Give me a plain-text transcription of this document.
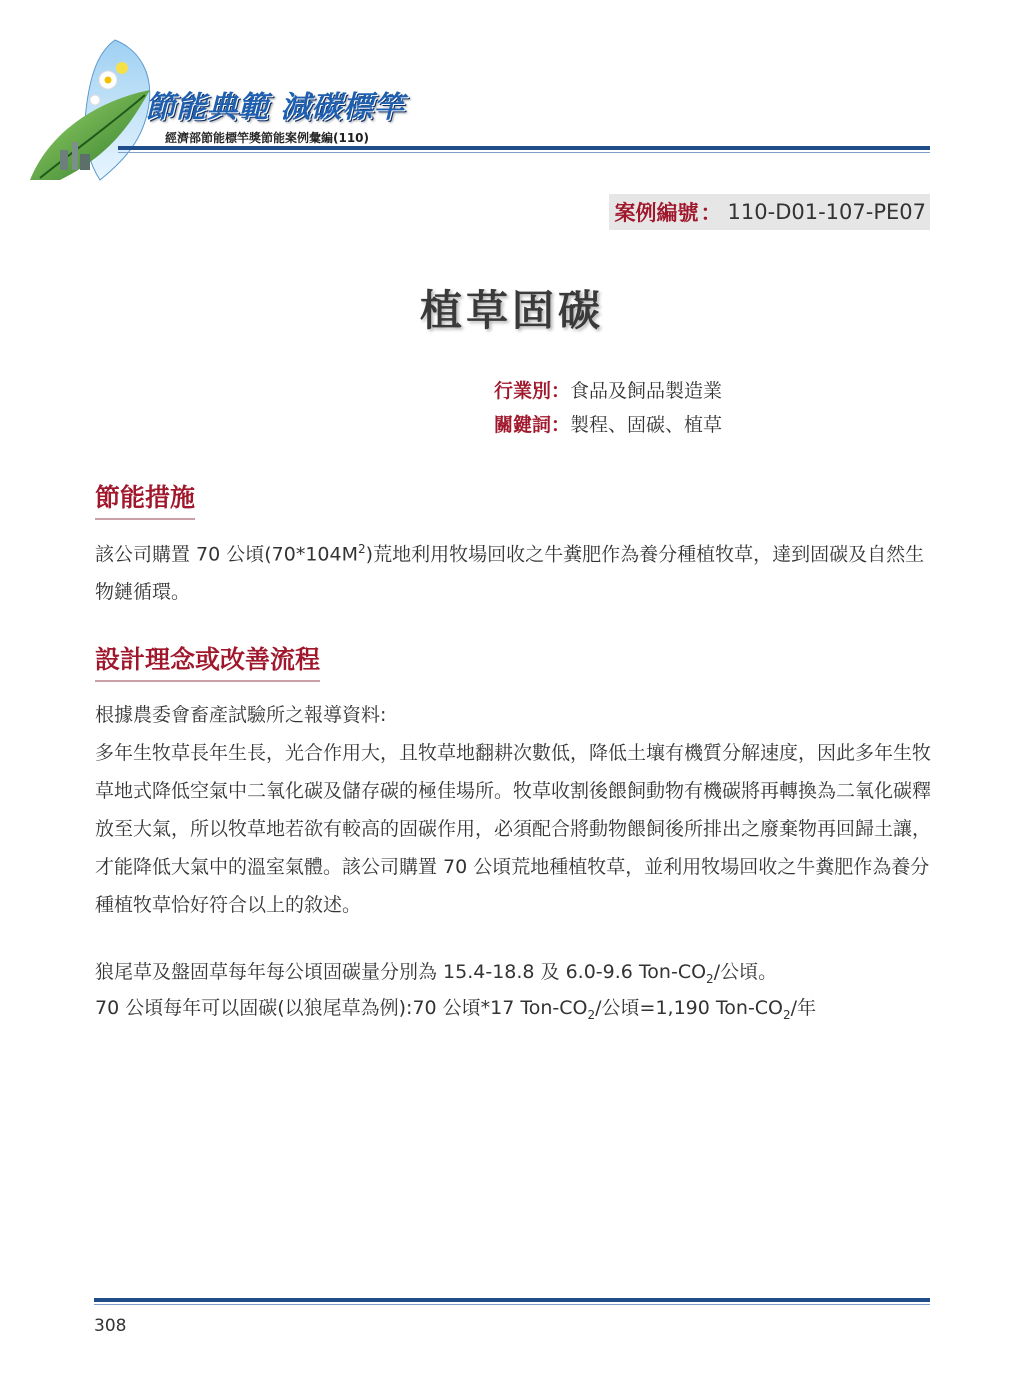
節能典範 減碳標竿
經濟部節能標竿獎節能案例彙編(110)
案例編號 ： 110-D01-107-PE07
植草固碳
行業別：食品及飼品製造業
關鍵詞：製程、固碳、植草
節能措施
該公司購置 70 公頃$(70*104M^2)$荒地利用牧場回收之牛糞肥作為養分種植牧草，達到固碳及自然生物鏈循環。
設計理念或改善流程
根據農委會畜產試驗所之報導資料:
多年生牧草長年生長，光合作用大，且牧草地翻耕次數低，降低土壤有機質分解速度，因此多年生牧草地式降低空氣中二氧化碳及儲存碳的極佳場所。牧草收割後餵飼動物有機碳將再轉換為二氧化碳釋放至大氣，所以牧草地若欲有較高的固碳作用，必須配合將動物餵飼後所排出之廢棄物再回歸土讓，才能降低大氣中的溫室氣體。該公司購置 70 公頃荒地種植牧草，並利用牧場回收之牛糞肥作為養分種植牧草恰好符合以上的敘述。
狼尾草及盤固草每年每公頃固碳量分別為 15.4-18.8 及 6.0-9.6 Ton-$CO_2/$公頃。
70 公頃每年可以固碳(以狼尾草為例):70 公頃*17 Ton-$CO_2/$公頃=1,190 Ton-$CO_2/$年
308
